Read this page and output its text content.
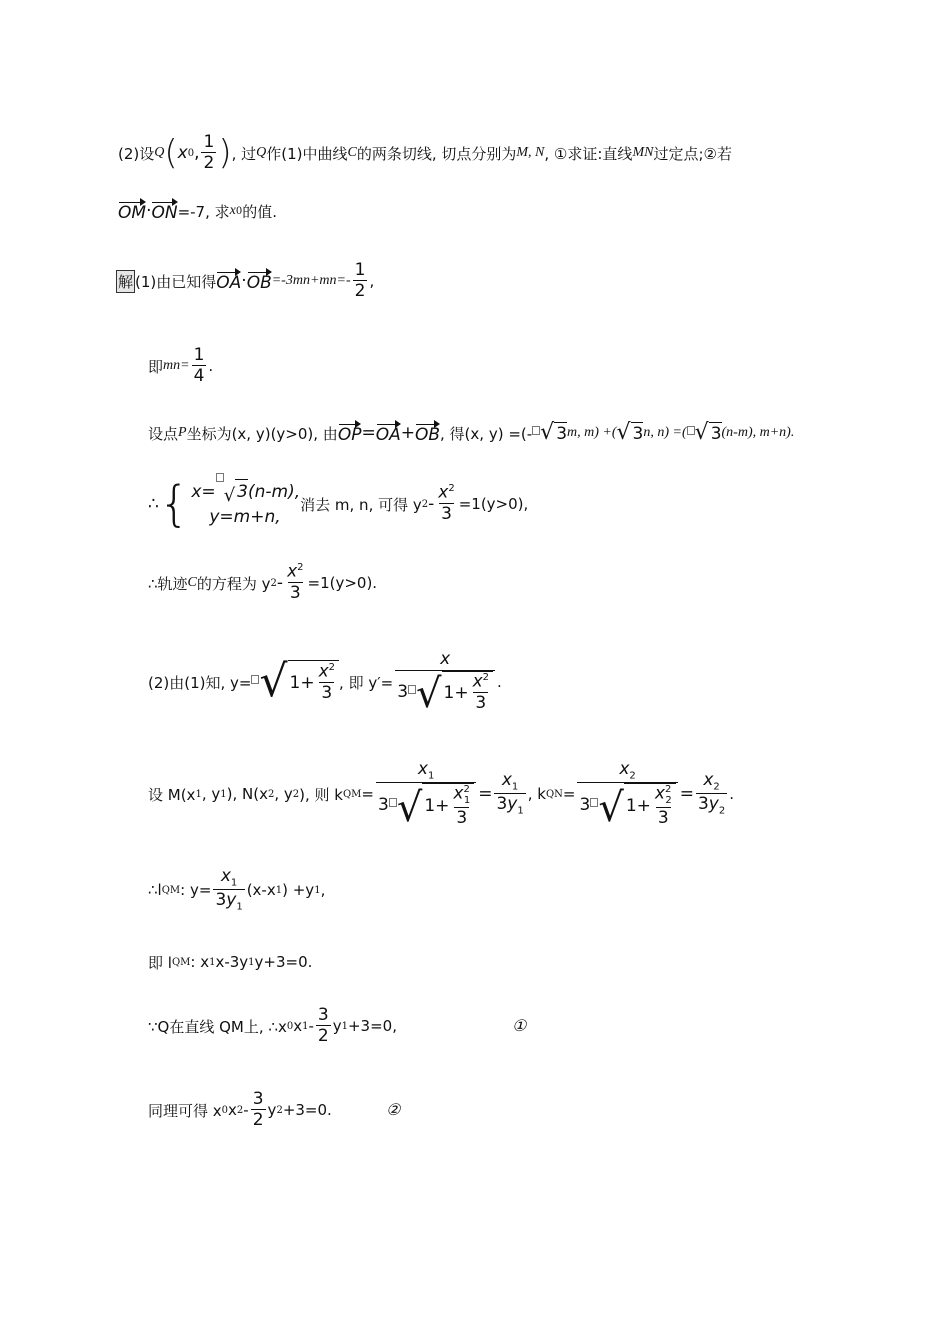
(2)设 Q ( x 0 , $\frac{1}{2}$ ) , 过 Q 作(1)中曲线 C 的两条切线, 切点分别为 M, N , ①求证:直线 MN 过定点;②若
OM · ON =-7, 求 x 0 的值.
解 (1)由已知得 OA · OB $=-3mn+mn=- \frac{1}{2}$ ,
即 $mn= \frac{1}{4}$ .
设点 P 坐标为(x, y)(y>0), 由 OP = OA + OB , 得(x, y) =(- √ 3 m, m) +( √ 3 n, n) =( √ 3 (n-m), m+n).
∴ { x= √ 3 (n-m),
y=m+n,
消去 m, n, 可得 y $2 - \frac{x^2}{3} =1(y>0)$,
∴轨迹 C 的方程为 y $2 - \frac{x^2}{3} =1(y>0)$.
(2)由(1)知, y= √ $1+ \frac{x^2}{3}$ , 即 $y'= \frac{x}{3 √ 1+ \frac{x^2}{3}}$ .
设 M(x 1 , y 1 ), N(x 2 , y 2 ), 则 k QM = $\frac{x_1}{3 √ 1+ \frac{x^2_1}{3}} = \frac{x_1}{3y_1}$ , k QN = $\frac{x_2}{3 √ 1+ \frac{x^2_2}{3}} = \frac{x_2}{3y_2}$ .
∴l QM : $y= \frac{x_1}{3y_1} (x-x$ 1 ) +y 1 ,
即 l QM : x 1 x-3y 1 y+3=0.
∵Q在直线 QM上, ∴x 0 x $1 - \frac{3}{2}$ y 1 +3=0,	①
同理可得 x 0 x $2 - \frac{3}{2}$ y 2 +3=0.	②
